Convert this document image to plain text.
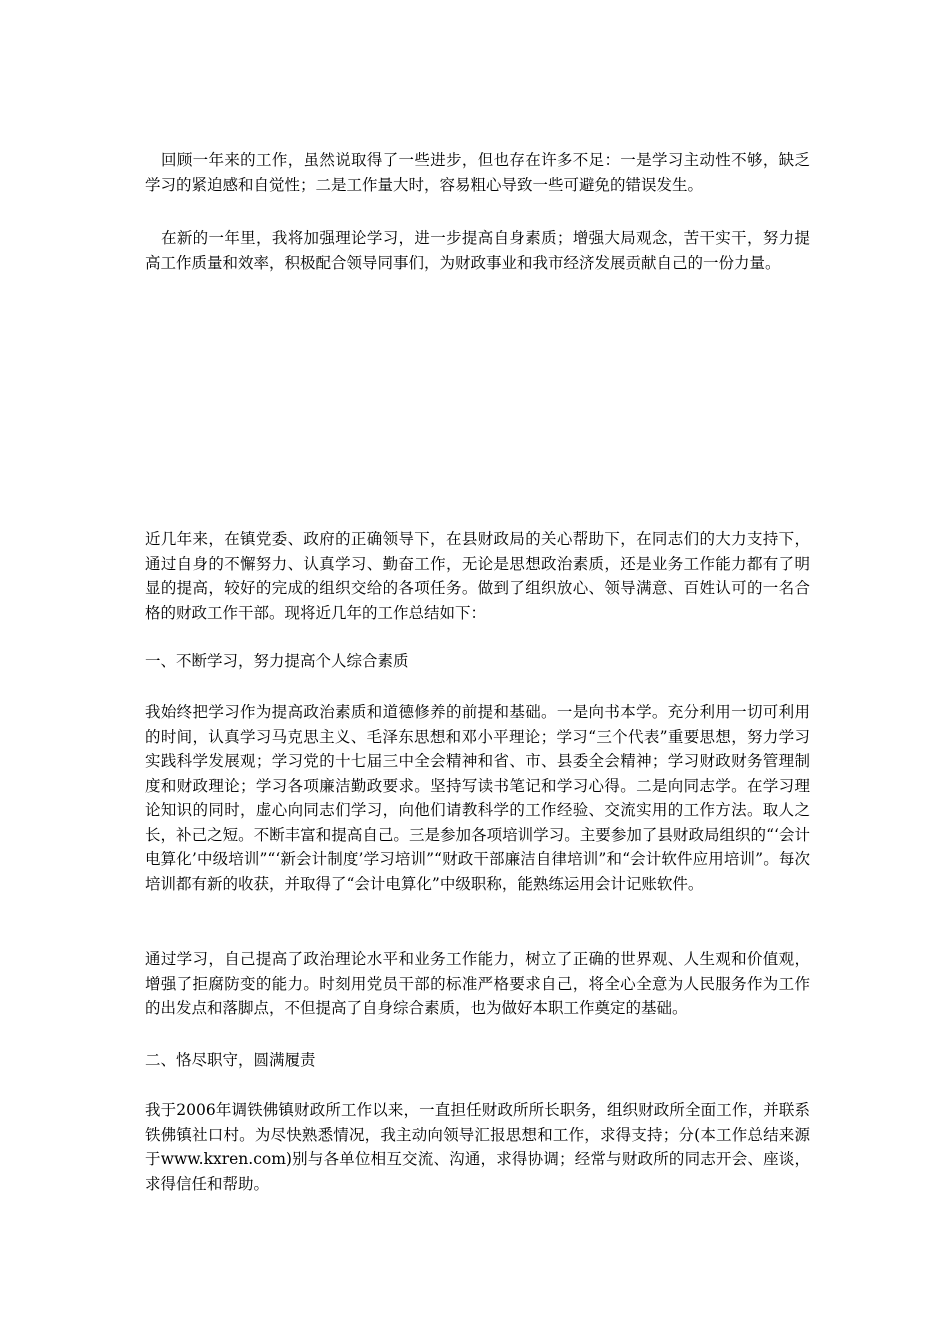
回顾一年来的工作，虽然说取得了一些进步，但也存在许多不足：一是学习主动性不够，缺乏学习的紧迫感和自觉性；二是工作量大时，容易粗心导致一些可避免的错误发生。

在新的一年里，我将加强理论学习，进一步提高自身素质；增强大局观念，苦干实干，努力提高工作质量和效率，积极配合领导同事们，为财政事业和我市经济发展贡献自己的一份力量。

近几年来，在镇党委、政府的正确领导下，在县财政局的关心帮助下，在同志们的大力支持下，通过自身的不懈努力、认真学习、勤奋工作，无论是思想政治素质，还是业务工作能力都有了明显的提高，较好的完成的组织交给的各项任务。做到了组织放心、领导满意、百姓认可的一名合格的财政工作干部。现将近几年的工作总结如下：

一、不断学习，努力提高个人综合素质

我始终把学习作为提高政治素质和道德修养的前提和基础。一是向书本学。充分利用一切可利用的时间，认真学习马克思主义、毛泽东思想和邓小平理论；学习“三个代表”重要思想，努力学习实践科学发展观；学习党的十七届三中全会精神和省、市、县委全会精神；学习财政财务管理制度和财政理论；学习各项廉洁勤政要求。坚持写读书笔记和学习心得。二是向同志学。在学习理论知识的同时，虚心向同志们学习，向他们请教科学的工作经验、交流实用的工作方法。取人之长，补己之短。不断丰富和提高自己。三是参加各项培训学习。主要参加了县财政局组织的“‘会计电算化’中级培训”“‘新会计制度’学习培训”“财政干部廉洁自律培训”和“会计软件应用培训”。每次培训都有新的收获，并取得了“会计电算化”中级职称，能熟练运用会计记账软件。

通过学习，自己提高了政治理论水平和业务工作能力，树立了正确的世界观、人生观和价值观，增强了拒腐防变的能力。时刻用党员干部的标准严格要求自己，将全心全意为人民服务作为工作的出发点和落脚点，不但提高了自身综合素质，也为做好本职工作奠定的基础。

二、恪尽职守，圆满履责

我于2006年调铁佛镇财政所工作以来，一直担任财政所所长职务，组织财政所全面工作，并联系铁佛镇社口村。为尽快熟悉情况，我主动向领导汇报思想和工作，求得支持；分(本工作总结来源于www.kxren.com)别与各单位相互交流、沟通，求得协调；经常与财政所的同志开会、座谈，求得信任和帮助。
